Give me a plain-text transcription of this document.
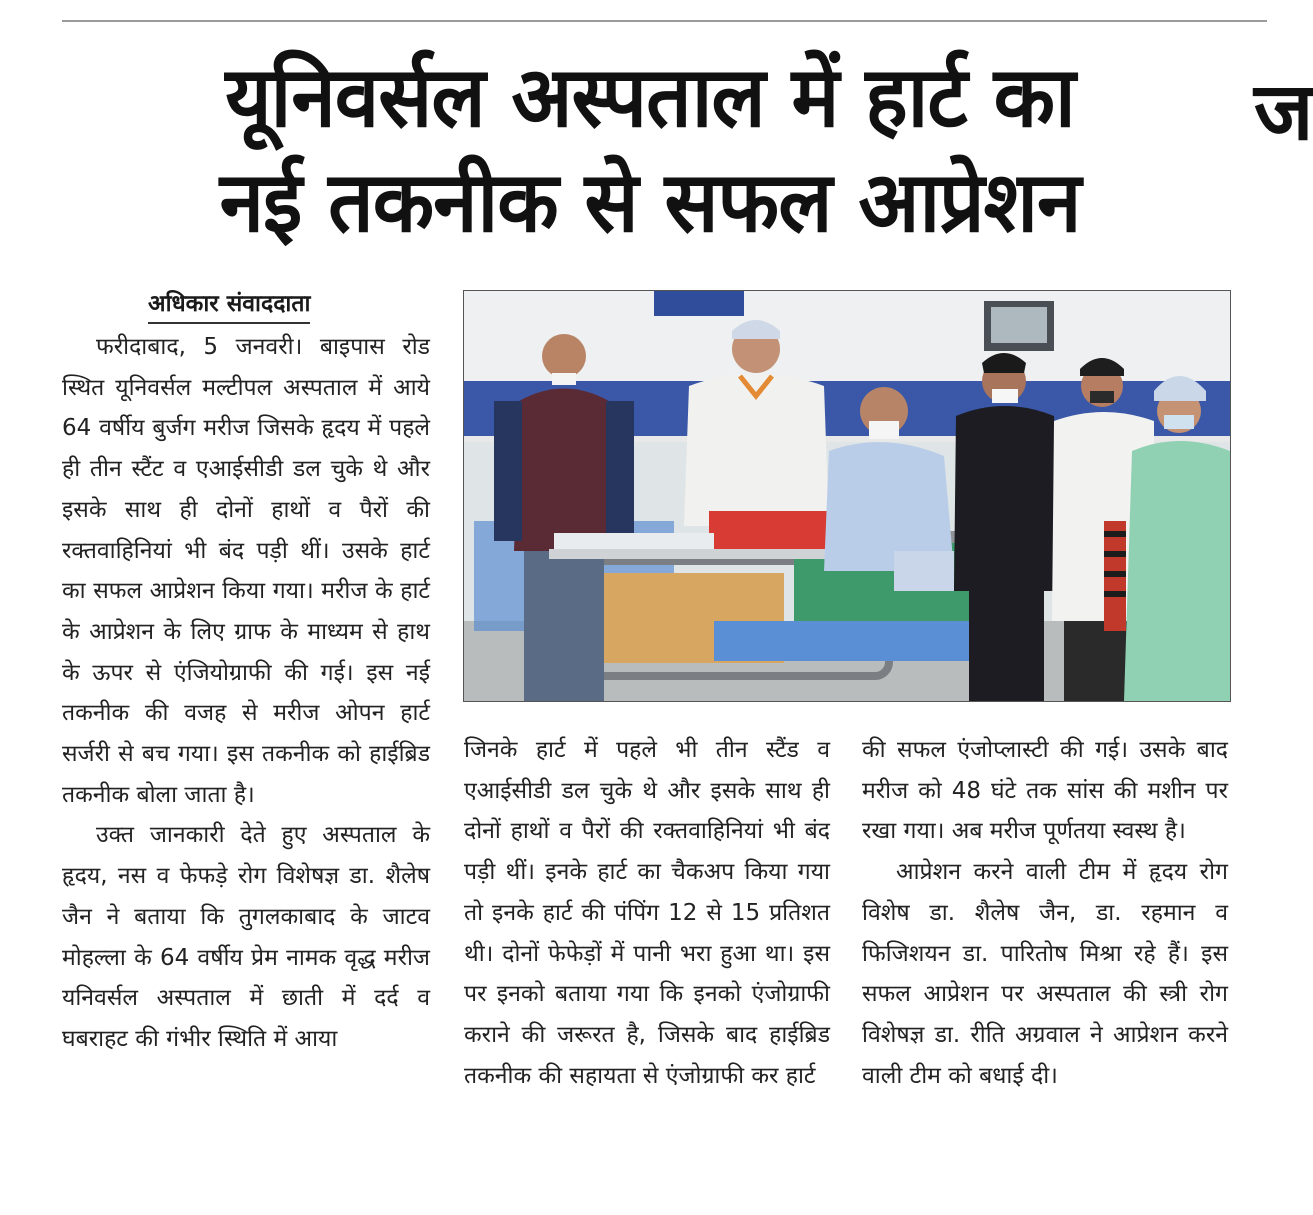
यूनिवर्सल अस्पताल में हार्ट का
नई तकनीक से सफल आप्रेशन
ज
अधिकार संवाददाता

फरीदाबाद, 5 जनवरी। बाइपास रोड स्थित यूनिवर्सल मल्टीपल अस्पताल में आये 64 वर्षीय बुर्जग मरीज जिसके हृदय में पहले ही तीन स्टैंट व एआईसीडी डल चुके थे और इसके साथ ही दोनों हाथों व पैरों की रक्तवाहिनियां भी बंद पड़ी थीं। उसके हार्ट का सफल आप्रेशन किया गया। मरीज के हार्ट के आप्रेशन के लिए ग्राफ के माध्यम से हाथ के ऊपर से एंजियोग्राफी की गई। इस नई तकनीक की वजह से मरीज ओपन हार्ट सर्जरी से बच गया। इस तकनीक को हाईब्रिड तकनीक बोला जाता है।

उक्त जानकारी देते हुए अस्पताल के हृदय, नस व फेफड़े रोग विशेषज्ञ डा. शैलेष जैन ने बताया कि तुगलकाबाद के जाटव मोहल्ला के 64 वर्षीय प्रेम नामक वृद्ध मरीज यनिवर्सल अस्पताल में छाती में दर्द व घबराहट की गंभीर स्थिति में आया

जिनके हार्ट में पहले भी तीन स्टैंड व एआईसीडी डल चुके थे और इसके साथ ही दोनों हाथों व पैरों की रक्तवाहिनियां भी बंद पड़ी थीं। इनके हार्ट का चैकअप किया गया तो इनके हार्ट की पंपिंग 12 से 15 प्रतिशत थी। दोनों फेफेड़ों में पानी भरा हुआ था। इस पर इनको बताया गया कि इनको एंजोग्राफी कराने की जरूरत है, जिसके बाद हाईब्रिड तकनीक की सहायता से एंजोग्राफी कर हार्ट

की सफल एंजोप्लास्टी की गई। उसके बाद मरीज को 48 घंटे तक सांस की मशीन पर रखा गया। अब मरीज पूर्णतया स्वस्थ है।

आप्रेशन करने वाली टीम में हृदय रोग विशेष डा. शैलेष जैन, डा. रहमान व फिजिशयन डा. पारितोष मिश्रा रहे हैं। इस सफल आप्रेशन पर अस्पताल की स्त्री रोग विशेषज्ञ डा. रीति अग्रवाल ने आप्रेशन करने वाली टीम को बधाई दी।
